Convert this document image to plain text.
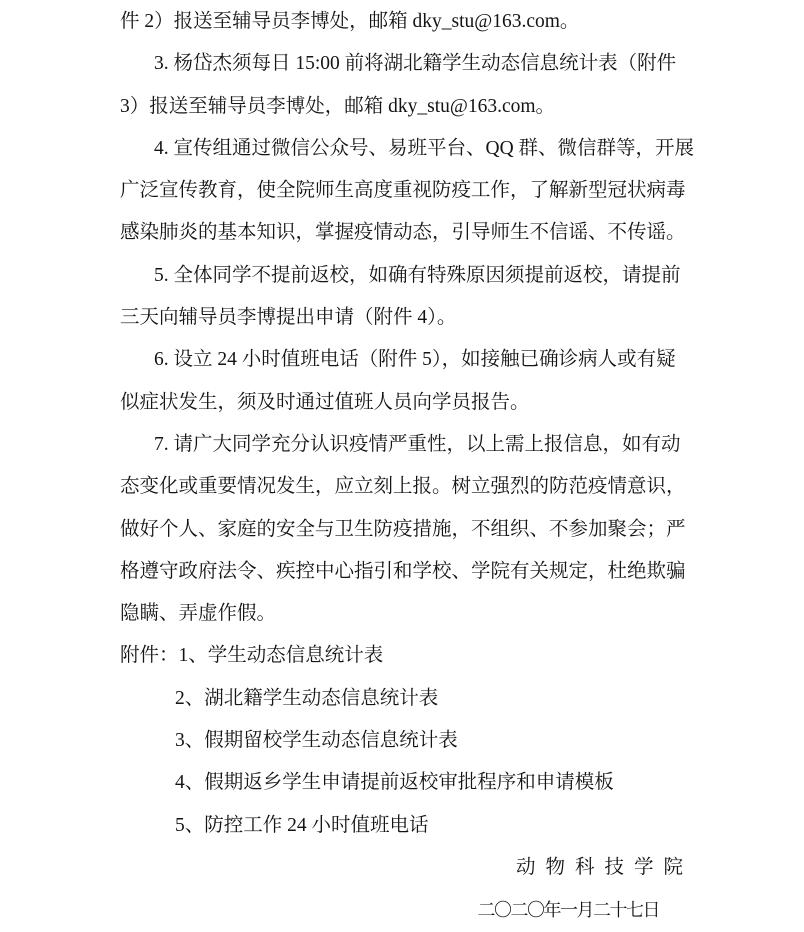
件 2）报送至辅导员李博处，邮箱 dky_stu@163.com。
3. 杨岱杰须每日 15:00 前将湖北籍学生动态信息统计表（附件
3）报送至辅导员李博处，邮箱 dky_stu@163.com。
4. 宣传组通过微信公众号、易班平台、QQ 群、微信群等，开展
广泛宣传教育，使全院师生高度重视防疫工作，了解新型冠状病毒
感染肺炎的基本知识，掌握疫情动态，引导师生不信谣、不传谣。
5. 全体同学不提前返校，如确有特殊原因须提前返校，请提前
三天向辅导员李博提出申请（附件 4）。
6. 设立 24 小时值班电话（附件 5），如接触已确诊病人或有疑
似症状发生，须及时通过值班人员向学员报告。
7. 请广大同学充分认识疫情严重性，以上需上报信息，如有动
态变化或重要情况发生，应立刻上报。树立强烈的防范疫情意识，
做好个人、家庭的安全与卫生防疫措施，不组织、不参加聚会；严
格遵守政府法令、疾控中心指引和学校、学院有关规定，杜绝欺骗
隐瞒、弄虚作假。
附件：1、学生动态信息统计表
2、湖北籍学生动态信息统计表
3、假期留校学生动态信息统计表
4、假期返乡学生申请提前返校审批程序和申请模板
5、防控工作 24 小时值班电话
动物科技学院
二〇二〇年一月二十七日
